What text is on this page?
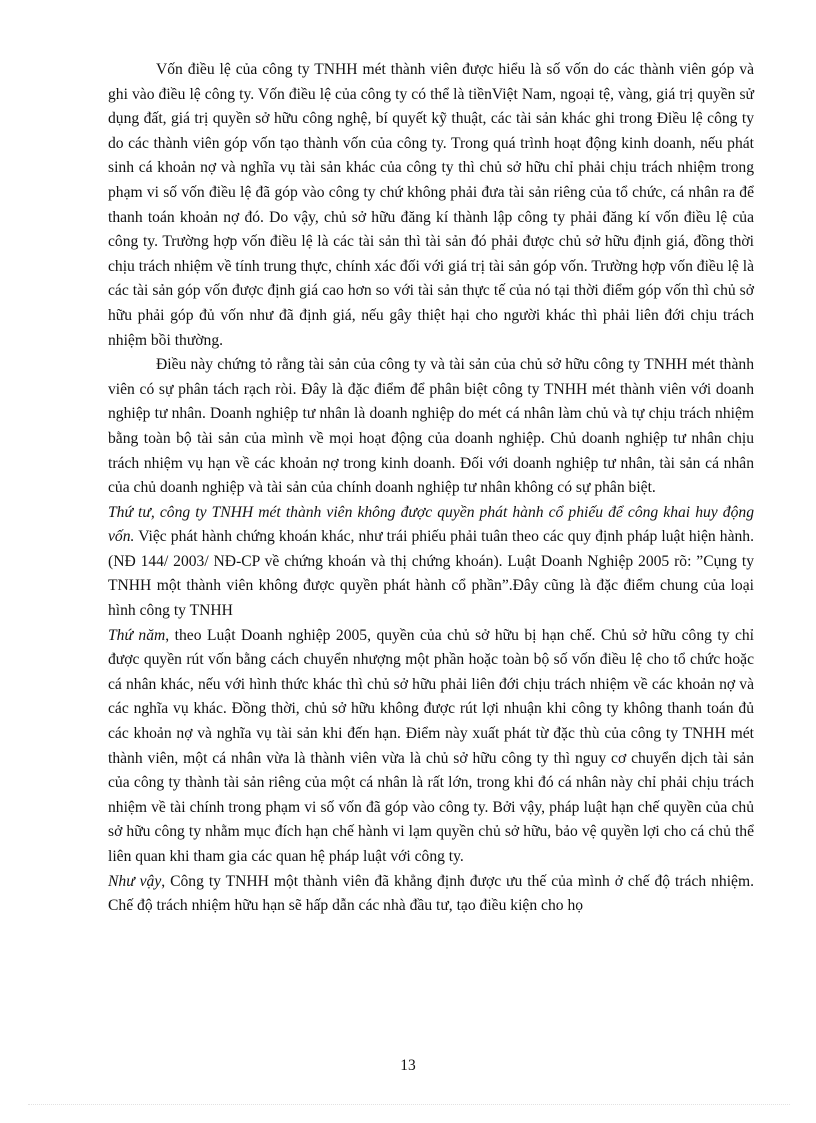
Vốn điều lệ của công ty TNHH mét thành viên được hiểu là số vốn do các thành viên góp và ghi vào điều lệ công ty. Vốn điều lệ của công ty có thể là tiềnViệt Nam, ngoại tệ, vàng, giá trị quyền sử dụng đất, giá trị quyền sở hữu công nghệ, bí quyết kỹ thuật, các tài sản khác ghi trong Điều lệ công ty do các thành viên góp vốn tạo thành vốn của công ty. Trong quá trình hoạt động kinh doanh, nếu phát sinh cá khoản nợ và nghĩa vụ tài sản khác của công ty thì chủ sở hữu chỉ phải chịu trách nhiệm trong phạm vi số vốn điều lệ đã góp vào công ty chứ không phải đưa tài sản riêng của tổ chức, cá nhân ra để thanh toán khoản nợ đó. Do vậy, chủ sở hữu đăng kí thành lập công ty phải đăng kí vốn điều lệ của công ty. Trường hợp vốn điều lệ là các tài sản thì tài sản đó phải được chủ sở hữu định giá, đồng thời chịu trách nhiệm về tính trung thực, chính xác đối với giá trị tài sản góp vốn. Trường hợp vốn điều lệ là các tài sản góp vốn được định giá cao hơn so với tài sản thực tế của nó tại thời điểm góp vốn thì chủ sở hữu phải góp đủ vốn như đã định giá, nếu gây thiệt hại cho người khác thì phải liên đới chịu trách nhiệm bồi thường.

Điều này chứng tỏ rằng tài sản của công ty và tài sản của chủ sở hữu công ty TNHH mét thành viên có sự phân tách rạch ròi. Đây là đặc điểm để phân biệt công ty TNHH mét thành viên với doanh nghiệp tư nhân. Doanh nghiệp tư nhân là doanh nghiệp do mét cá nhân làm chủ và tự chịu trách nhiệm bằng toàn bộ tài sản của mình về mọi hoạt động của doanh nghiệp. Chủ doanh nghiệp tư nhân chịu trách nhiệm vụ hạn về các khoản nợ trong kinh doanh. Đối với doanh nghiệp tư nhân, tài sản cá nhân của chủ doanh nghiệp và tài sản của chính doanh nghiệp tư nhân không có sự phân biệt.

Thứ tư, công ty TNHH mét thành viên không được quyền phát hành cổ phiếu để công khai huy động vốn. Việc phát hành chứng khoán khác, như trái phiếu phải tuân theo các quy định pháp luật hiện hành. (NĐ 144/ 2003/ NĐ-CP về chứng khoán và thị chứng khoán). Luật Doanh Nghiệp 2005 rõ: ”Cụng ty TNHH một thành viên không được quyền phát hành cổ phần”.Đây cũng là đặc điểm chung của loại hình công ty TNHH

Thứ năm, theo Luật Doanh nghiệp 2005, quyền của chủ sở hữu bị hạn chế. Chủ sở hữu công ty chỉ được quyền rút vốn bằng cách chuyển nhượng một phần hoặc toàn bộ số vốn điều lệ cho tổ chức hoặc cá nhân khác, nếu với hình thức khác thì chủ sở hữu phải liên đới chịu trách nhiệm về các khoản nợ và các nghĩa vụ khác. Đồng thời, chủ sở hữu không được rút lợi nhuận khi công ty không thanh toán đủ các khoản nợ và nghĩa vụ tài sản khi đến hạn. Điểm này xuất phát từ đặc thù của công ty TNHH mét thành viên, một cá nhân vừa là thành viên vừa là chủ sở hữu công ty thì nguy cơ chuyển dịch tài sản của công ty thành tài sản riêng của một cá nhân là rất lớn, trong khi đó cá nhân này chỉ phải chịu trách nhiệm về tài chính trong phạm vi số vốn đã góp vào công ty. Bởi vậy, pháp luật hạn chế quyền của chủ sở hữu công ty nhằm mục đích hạn chế hành vi lạm quyền chủ sở hữu, bảo vệ quyền lợi cho cá chủ thể liên quan khi tham gia các quan hệ pháp luật với công ty.

Như vậy, Công ty TNHH một thành viên đã khẳng định được ưu thế của mình ở chế độ trách nhiệm. Chế độ trách nhiệm hữu hạn sẽ hấp dẫn các nhà đầu tư, tạo điều kiện cho họ

13
